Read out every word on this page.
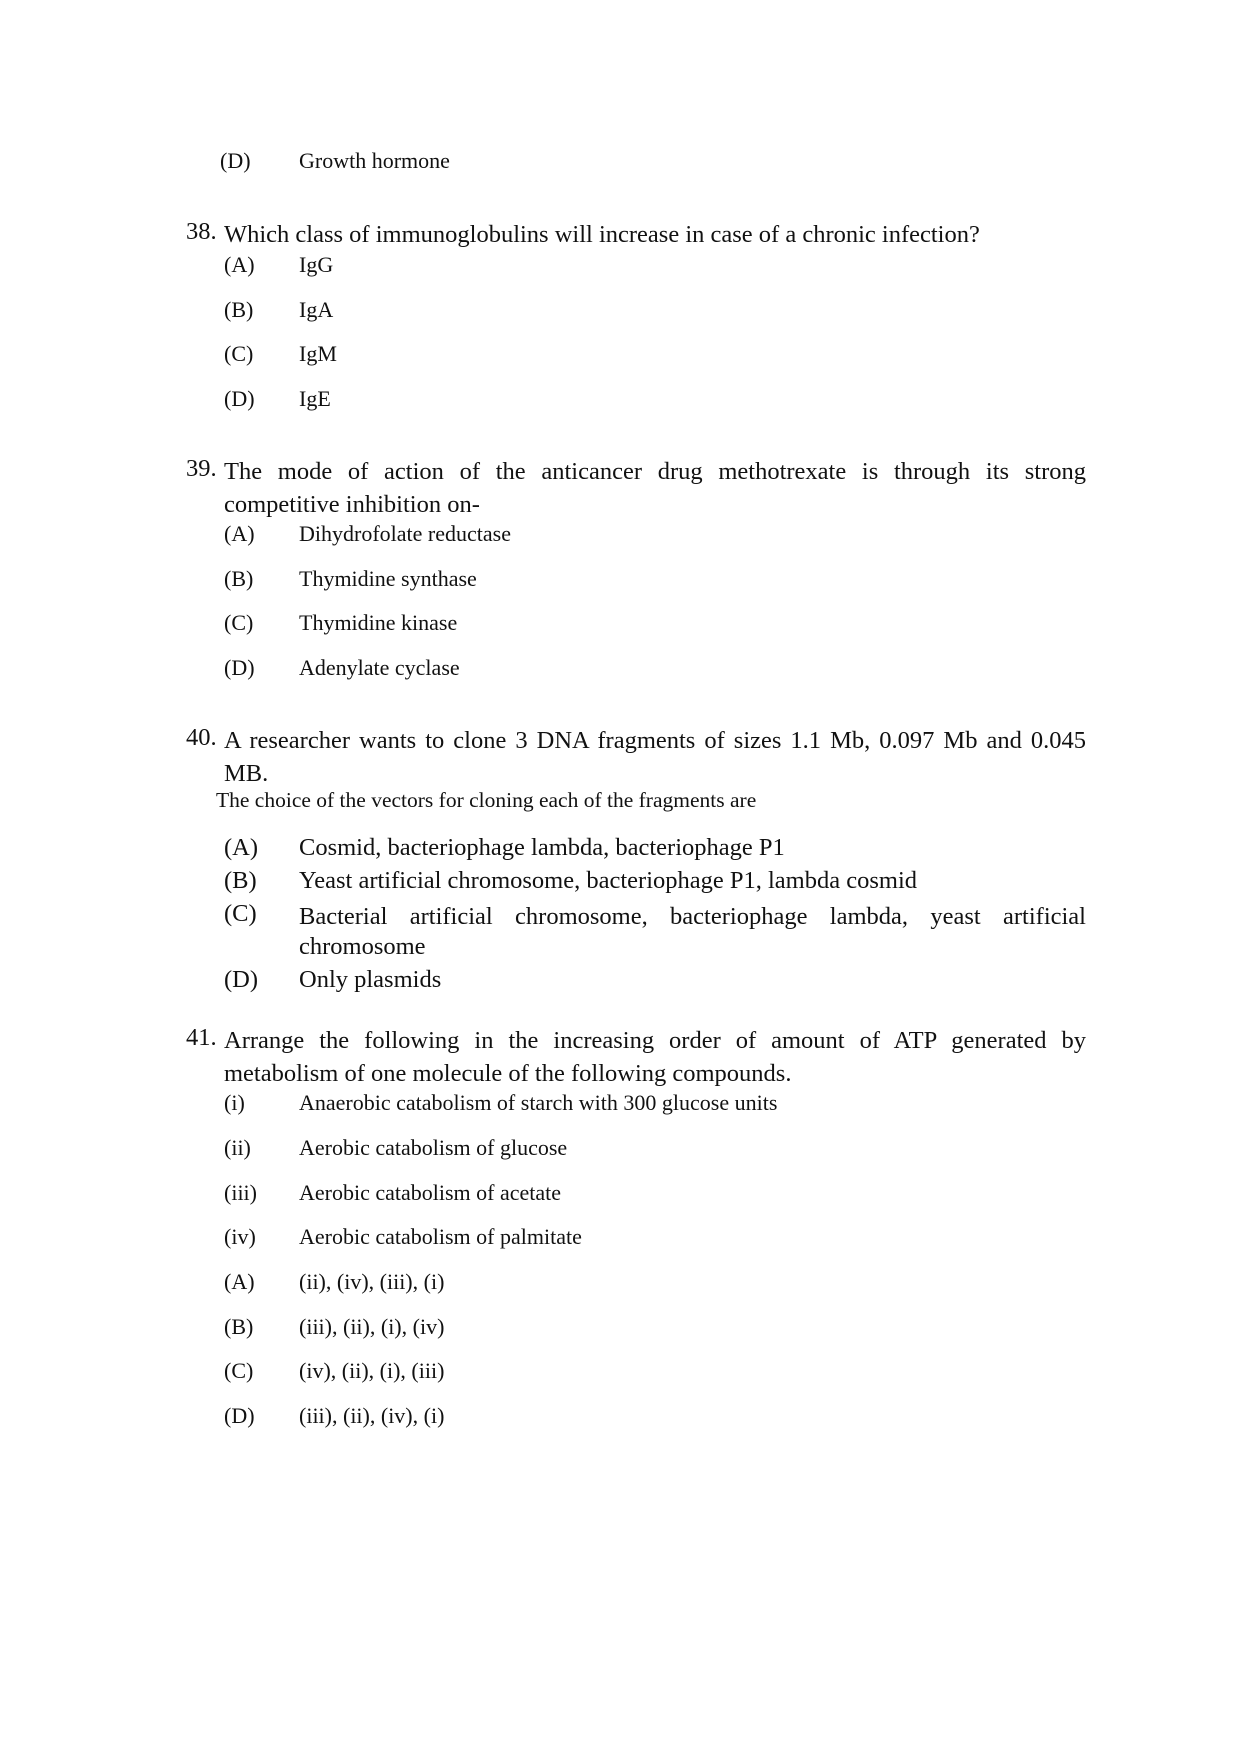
(D) Growth hormone
38. Which class of immunoglobulins will increase in case of a chronic infection?
(A) IgG
(B) IgA
(C) IgM
(D) IgE
39. The mode of action of the anticancer drug methotrexate is through its strong
competitive inhibition on-
(A) Dihydrofolate reductase
(B) Thymidine synthase
(C) Thymidine kinase
(D) Adenylate cyclase
40. A researcher wants to clone 3 DNA fragments of sizes 1.1 Mb, 0.097 Mb and 0.045
MB.
The choice of the vectors for cloning each of the fragments are
(A) Cosmid, bacteriophage lambda, bacteriophage P1
(B) Yeast artificial chromosome, bacteriophage P1, lambda cosmid
(C) Bacterial artificial chromosome, bacteriophage lambda, yeast artificial
chromosome
(D) Only plasmids
41. Arrange the following in the increasing order of amount of ATP generated by
metabolism of one molecule of the following compounds.
(i) Anaerobic catabolism of starch with 300 glucose units
(ii) Aerobic catabolism of glucose
(iii) Aerobic catabolism of acetate
(iv) Aerobic catabolism of palmitate
(A) (ii), (iv), (iii), (i)
(B) (iii), (ii), (i), (iv)
(C) (iv), (ii), (i), (iii)
(D) (iii), (ii), (iv), (i)
